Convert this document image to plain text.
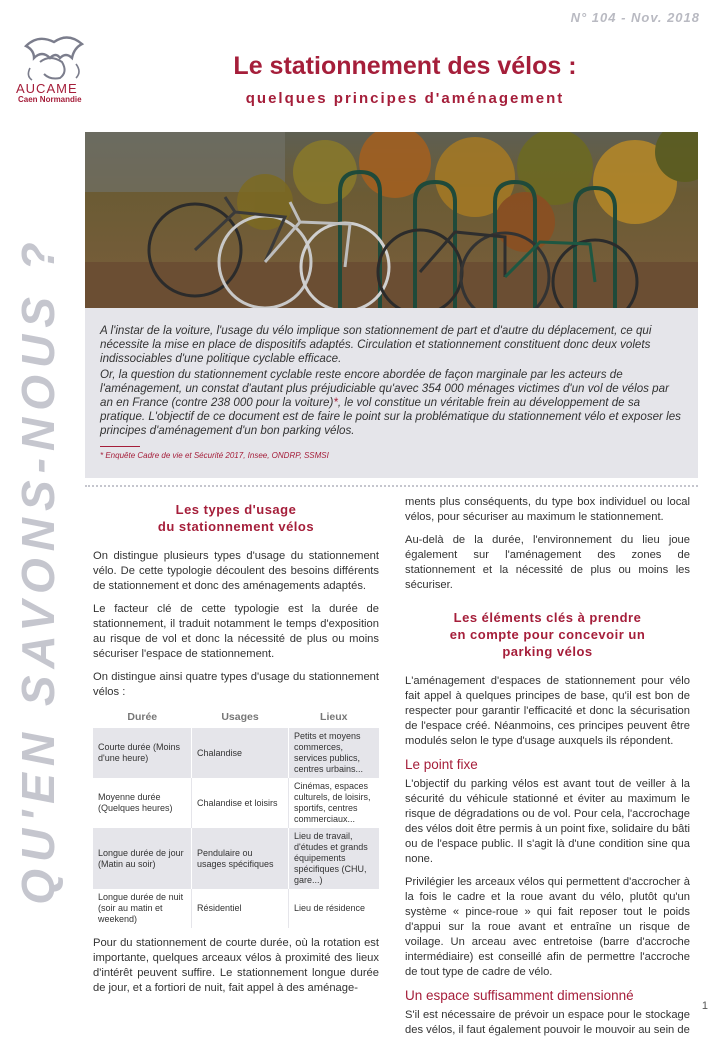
N° 104 - Nov. 2018
AUCAME
Caen Normandie
QU'EN SAVONS-NOUS ?
Le stationnement des vélos :
quelques principes d'aménagement

A l'instar de la voiture, l'usage du vélo implique son stationnement de part et d'autre du déplacement, ce qui nécessite la mise en place de dispositifs adaptés. Circulation et stationnement constituent donc deux volets indissociables d'une politique cyclable efficace.

Or, la question du stationnement cyclable reste encore abordée de façon marginale par les acteurs de l'aménagement, un constat d'autant plus préjudiciable qu'avec 354 000 ménages victimes d'un vol de vélos par an en France (contre 238 000 pour la voiture)*, le vol constitue un véritable frein au développement de sa pratique. L'objectif de ce document est de faire le point sur la problématique du stationnement vélo et exposer les principes d'aménagement d'un bon parking vélos.

* Enquête Cadre de vie et Sécurité 2017, Insee, ONDRP, SSMSI
Les types d'usage
du stationnement vélos

On distingue plusieurs types d'usage du stationnement vélo. De cette typologie découlent des besoins différents de stationnement et donc des aménagements adaptés.

Le facteur clé de cette typologie est la durée de stationnement, il traduit notamment le temps d'exposition au risque de vol et donc la nécessité de plus ou moins sécuriser l'espace de stationnement.

On distingue ainsi quatre types d'usage du stationnement vélos :

Durée	Usages	Lieux
Courte durée (Moins d'une heure)	Chalandise	Petits et moyens commerces, services publics, centres urbains...
Moyenne durée (Quelques heures)	Chalandise et loisirs	Cinémas, espaces culturels, de loisirs, sportifs, centres commerciaux...
Longue durée de jour (Matin au soir)	Pendulaire ou usages spécifiques	Lieu de travail, d'études et grands équipements spécifiques (CHU, gare...)
Longue durée de nuit (soir au matin et weekend)	Résidentiel	Lieu de résidence

Pour du stationnement de courte durée, où la rotation est importante, quelques arceaux vélos à proximité des lieux d'intérêt peuvent suffire. Le stationnement longue durée de jour, et a fortiori de nuit, fait appel à des aménage-

ments plus conséquents, du type box individuel ou local vélos, pour sécuriser au maximum le stationnement.

Au-delà de la durée, l'environnement du lieu joue également sur l'aménagement des zones de stationnement et la nécessité de plus ou moins les sécuriser.

Les éléments clés à prendre
en compte pour concevoir un
parking vélos

L'aménagement d'espaces de stationnement pour vélo fait appel à quelques principes de base, qu'il est bon de respecter pour garantir l'efficacité et donc la sécurisation de l'espace créé. Néanmoins, ces principes peuvent être modulés selon le type d'usage auxquels ils répondent.

Le point fixe

L'objectif du parking vélos est avant tout de veiller à la sécurité du véhicule stationné et éviter au maximum le risque de dégradations ou de vol. Pour cela, l'accrochage des vélos doit être permis à un point fixe, solidaire du bâti ou de l'espace public. Il s'agit là d'une condition sine qua none.

Privilégier les arceaux vélos qui permettent d'accrocher à la fois le cadre et la roue avant du vélo, plutôt qu'un système « pince-roue » qui fait reposer tout le poids d'appui sur la roue avant et entraîne un risque de voilage. Un arceau avec entretoise (barre d'accroche intermédiaire) est conseillé afin de permettre l'accroche de tout type de cadre de vélo.

Un espace suffisamment dimensionné

S'il est nécessaire de prévoir un espace pour le stockage des vélos, il faut également pouvoir le mouvoir au sein de

1
